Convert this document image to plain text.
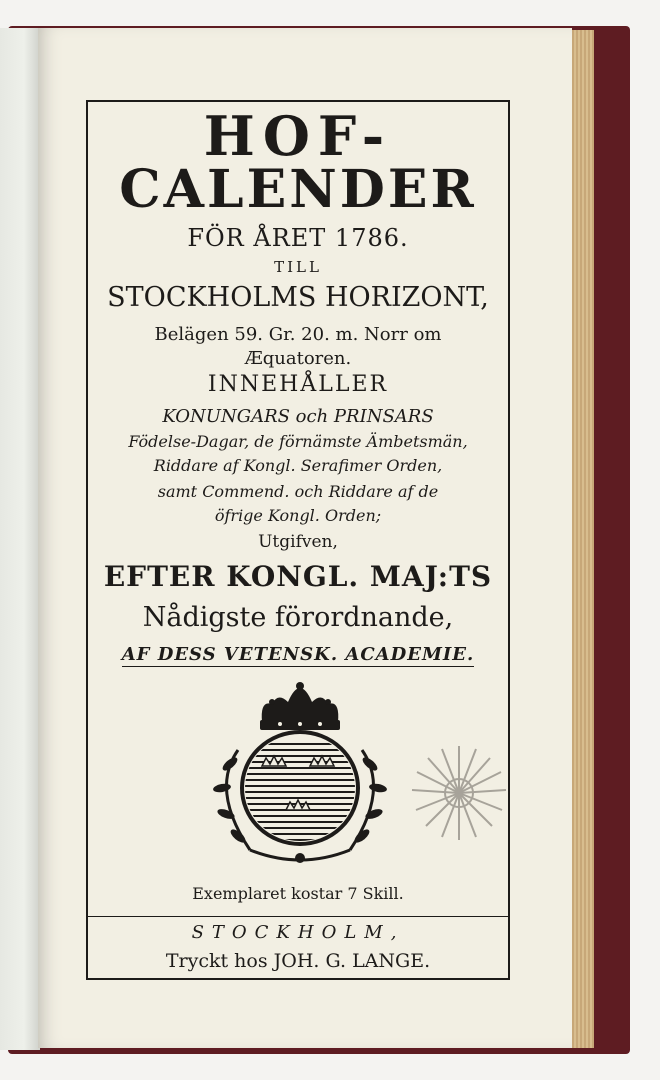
HOF-
CALENDER
FÖR ÅRET 1786.
TILL
STOCKHOLMS HORIZONT,
Belägen 59. Gr. 20. m. Norr om
Æquatoren.
INNEHÅLLER
KONUNGARS och PRINSARS
Födelse-Dagar, de förnämste Ämbetsmän,
Riddare af Kongl. Serafimer Orden,
samt Commend. och Riddare af de
öfrige Kongl. Orden;
Utgifven,
EFTER KONGL. MAJ:TS
Nådigste förordnande,
AF DESS VETENSK. ACADEMIE.
Exemplaret kostar 7 Skill.
STOCKHOLM,
Tryckt hos JOH. G. LANGE.
